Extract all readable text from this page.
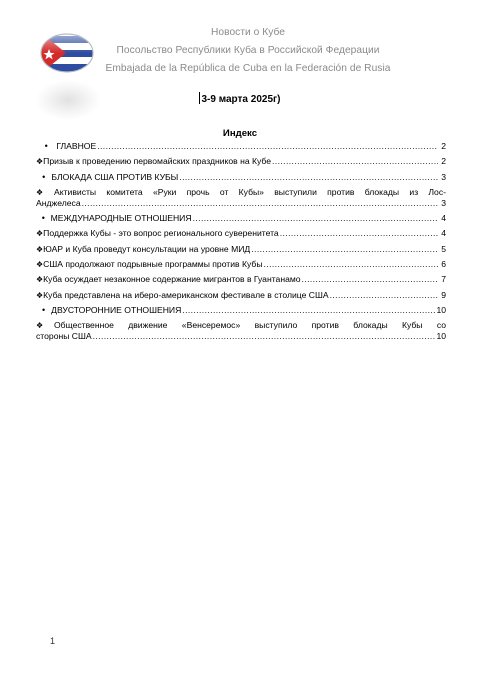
Новости о Кубе
Посольство Республики Куба в Российской Федерации
Embajada de la República de Cuba en la Federación de Rusia
3-9 марта 2025г)
Индекс
• ГЛАВНОЕ .....	2
❖ Призыв к проведению первомайских праздников на Кубе .....	2
• БЛОКАДА США ПРОТИВ КУБЫ .....	3
❖	Активисты комитета «Руки прочь от Кубы» выступили против блокады из Лос-
Анджелеса .....	3
• МЕЖДУНАРОДНЫЕ ОТНОШЕНИЯ .....	4
❖ Поддержка Кубы - это вопрос регионального суверенитета .....	4
❖ ЮАР и Куба проведут консультации на уровне МИД .....	5
❖ США продолжают подрывные программы против Кубы .....	6
❖ Куба осуждает незаконное содержание мигрантов в Гуантанамо .....	7
❖ Куба представлена на иберо-американском фестивале в столице США .....	9
• ДВУСТОРОННИЕ ОТНОШЕНИЯ .....	10
❖	Общественное движение «Венсеремос» выступило против блокады Кубы со
стороны США .....	10
1
